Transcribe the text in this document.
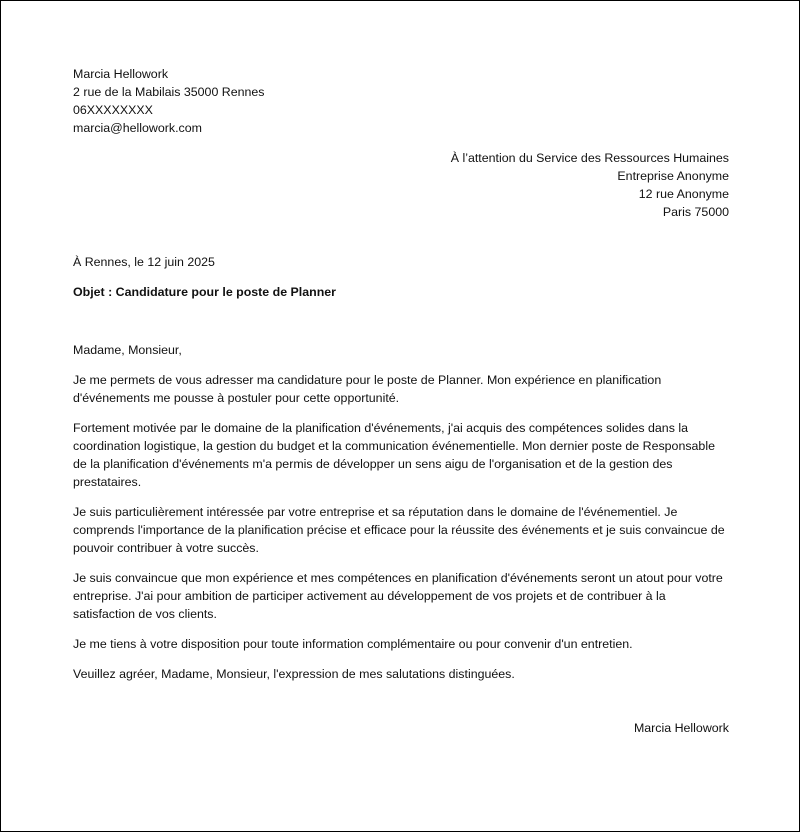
Marcia Hellowork
2 rue de la Mabilais 35000 Rennes
06XXXXXXXX
marcia@hellowork.com
À l’attention du Service des Ressources Humaines
Entreprise Anonyme
12 rue Anonyme
Paris 75000
À Rennes, le 12 juin 2025
Objet : Candidature pour le poste de Planner
Madame, Monsieur,

Je me permets de vous adresser ma candidature pour le poste de Planner. Mon expérience en planification d'événements me pousse à postuler pour cette opportunité.

Fortement motivée par le domaine de la planification d'événements, j'ai acquis des compétences solides dans la coordination logistique, la gestion du budget et la communication événementielle. Mon dernier poste de Responsable de la planification d'événements m'a permis de développer un sens aigu de l'organisation et de la gestion des prestataires.

Je suis particulièrement intéressée par votre entreprise et sa réputation dans le domaine de l'événementiel. Je comprends l'importance de la planification précise et efficace pour la réussite des événements et je suis convaincue de pouvoir contribuer à votre succès.

Je suis convaincue que mon expérience et mes compétences en planification d'événements seront un atout pour votre entreprise. J'ai pour ambition de participer activement au développement de vos projets et de contribuer à la satisfaction de vos clients.

Je me tiens à votre disposition pour toute information complémentaire ou pour convenir d'un entretien.

Veuillez agréer, Madame, Monsieur, l'expression de mes salutations distinguées.

Marcia Hellowork
